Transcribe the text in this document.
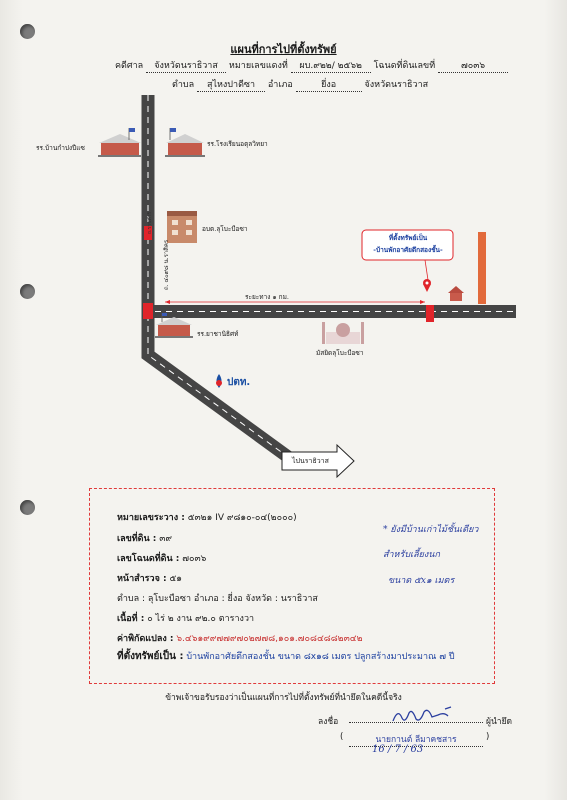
แผนที่การไปที่ตั้งทรัพย์
คดีศาล จังหวัดนราธิวาส หมายเลขแดงที่ ผบ.๙๒๒/ ๒๕๖๒ โฉนดที่ดินเลขที่	๗๐๓๖
ตำบล สุไหงปาดีซา อำเภอ	ยี่งอ	จังหวัดนราธิวาส
รร.บ้านกำปงปีแซ	รร.โรงเรียนอตุลวิทยา
อบต.ลุโบะบือซา
ถ.ราชดำริ
ถ. ๔๐๙๘ น.ราสิคร
ที่ตั้งทรัพย์เป็น
-บ้านพักอาศัยตึกสองชั้น-
ระยะทาง ๑ กม.
รร.ยาชานิธิศท์
มัสยิดลุโบะบือซา
ปตท.
ไปนราธิวาส
หมายเลขระวาง : ๕๓๒๑ IV ๙๘๑๐-๐๔(๒๐๐๐)
เลขที่ดิน : ๓๙
เลขโฉนดที่ดิน : ๗๐๓๖
หน้าสำรวจ : ๕๑
ตำบล : ลุโบะบือซา อำเภอ : ยี่งอ จังหวัด : นราธิวาส
เนื้อที่ : ๐ ไร่ ๒ งาน ๙๒.๐ ตารางวา
ค่าพิกัดแปลง : ๖.๔๖๑๙๙๗๗๙๗๐๒๗๗๘,๑๐๑.๗๐๘๔๘๘๒๓๔๒
ที่ตั้งทรัพย์เป็น : บ้านพักอาศัยตึกสองชั้น ขนาด ๘x๑๘ เมตร ปลูกสร้างมาประมาณ ๗ ปี
* ยังมีบ้านเก่าไม้ชั้นเดียว
สำหรับเลี้ยงนก
ขนาด ๕x๑ เมตร
ข้าพเจ้าขอรับรองว่าเป็นแผนที่การไปที่ตั้งทรัพย์ที่นำยึดในคดีนี้จริง
ลงชื่อ	ผู้นำยึด
(	นายกานต์ ลีมาคชสาร	)
16 / 7 / 63
